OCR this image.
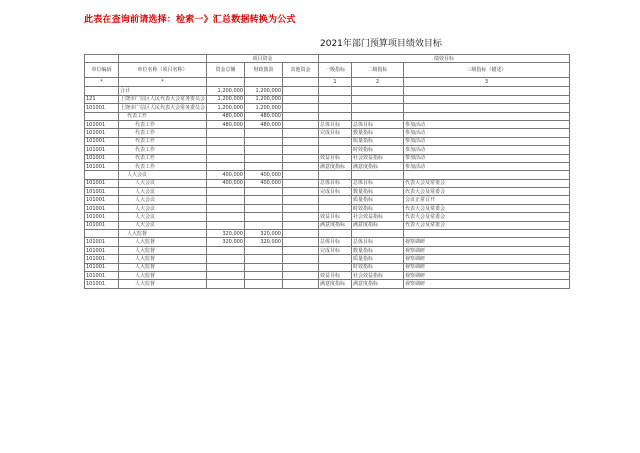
此表在查询前请选择：检索一》汇总数据转换为公式
2021年部门预算项目绩效目标
		项目资金			绩效目标		
单位编码	单位名称（项目名称）	资金总额	财政拨款	其他资金	一级指标	二级指标	三级指标（描述）
*	*				1	2	3
	合计	1,200,000	1,200,000				
121	上饶市广信区人民代表大会常务委员会	1,200,000	1,200,000				
101001	上饶市广信区人民代表大会常务委员会	1,200,000	1,200,000				
	代表工作	480,000	480,000				
101001	代表工作	480,000	480,000		总体目标	总体目标	参加活动
101001	代表工作				完成目标	数量指标	参加活动
101001	代表工作					质量指标	参加活动
101001	代表工作					时效指标	参加活动
101001	代表工作				效益目标	社会效益指标	参加活动
101001	代表工作				满意度指标	满意度指标	参加活动
	人大会议	400,000	400,000				
101001	人大会议	400,000	400,000		总体目标	总体目标	代表大会及常委会
101001	人大会议				完成目标	数量指标	代表大会及常委会
101001	人大会议					质量指标	会议正常召开
101001	人大会议					时效指标	代表大会及常委会
101001	人大会议				效益目标	社会效益指标	代表大会及常委会
101001	人大会议				满意度指标	满意度指标	代表大会及常委会
	人大监督	320,000	320,000				
101001	人大监督	320,000	320,000		总体目标	总体目标	视察调研
101001	人大监督				完成目标	数量指标	视察调研
101001	人大监督					质量指标	视察调研
101001	人大监督					时效指标	视察调研
101001	人大监督				效益目标	社会效益指标	视察调研
101001	人大监督				满意度指标	满意度指标	视察调研
